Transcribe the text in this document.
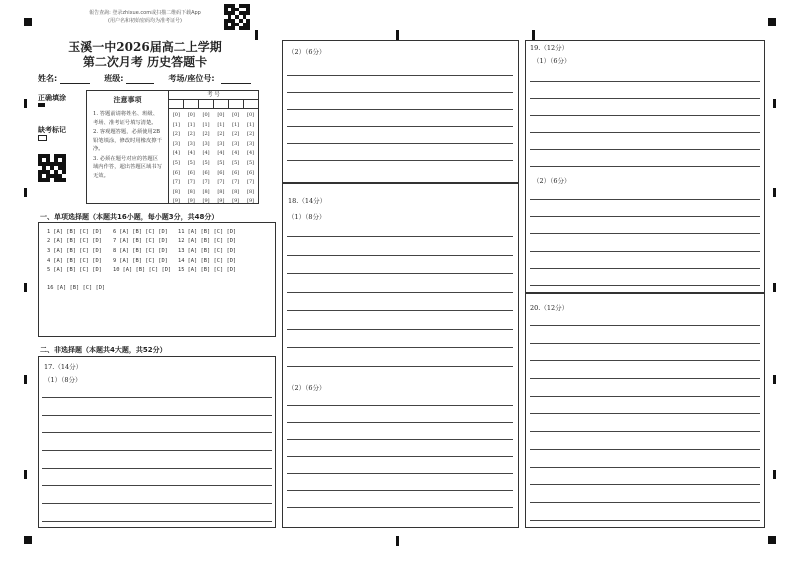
報告查詢: 登录zhixue.com或扫描二维码下载App
(用户名和初始密码均为准考证号)
玉溪一中2026届高二上学期
第二次月考 历史答题卡
姓名:	班级:	考场/座位号:
正确填涂
缺考标记
注意事项
1. 答题前请将姓名、班级、考场、准考证号填写清楚。
2. 客观题答题，必须使用2B铅笔填涂，修改时用橡皮擦干净。
3. 必须在题号对应的答题区域内作答，超出答题区域书写无效。
考 号
[0]
[1]
[2]
[3]
[4]
[5]
[6]
[7]
[8]
[9]
[0]
[1]
[2]
[3]
[4]
[5]
[6]
[7]
[8]
[9]
[0]
[1]
[2]
[3]
[4]
[5]
[6]
[7]
[8]
[9]
[0]
[1]
[2]
[3]
[4]
[5]
[6]
[7]
[8]
[9]
[0]
[1]
[2]
[3]
[4]
[5]
[6]
[7]
[8]
[9]
[0]
[1]
[2]
[3]
[4]
[5]
[6]
[7]
[8]
[9]
一、单项选择题（本题共16小题，每小题3分，共48分）
1 [A] [B] [C] [D]
2 [A] [B] [C] [D]
3 [A] [B] [C] [D]
4 [A] [B] [C] [D]
5 [A] [B] [C] [D]
6 [A] [B] [C] [D]
7 [A] [B] [C] [D]
8 [A] [B] [C] [D]
9 [A] [B] [C] [D]
10 [A] [B] [C] [D]
11 [A] [B] [C] [D]
12 [A] [B] [C] [D]
13 [A] [B] [C] [D]
14 [A] [B] [C] [D]
15 [A] [B] [C] [D]
16 [A] [B] [C] [D]
二、非选择题（本题共4大题，共52分）
17.（14分）
（1）（8分）
（2）（6分）
18.（14分）
（1）（8分）
（2）（6分）
19.（12分）
（1）（6分）
（2）（6分）
20.（12分）
